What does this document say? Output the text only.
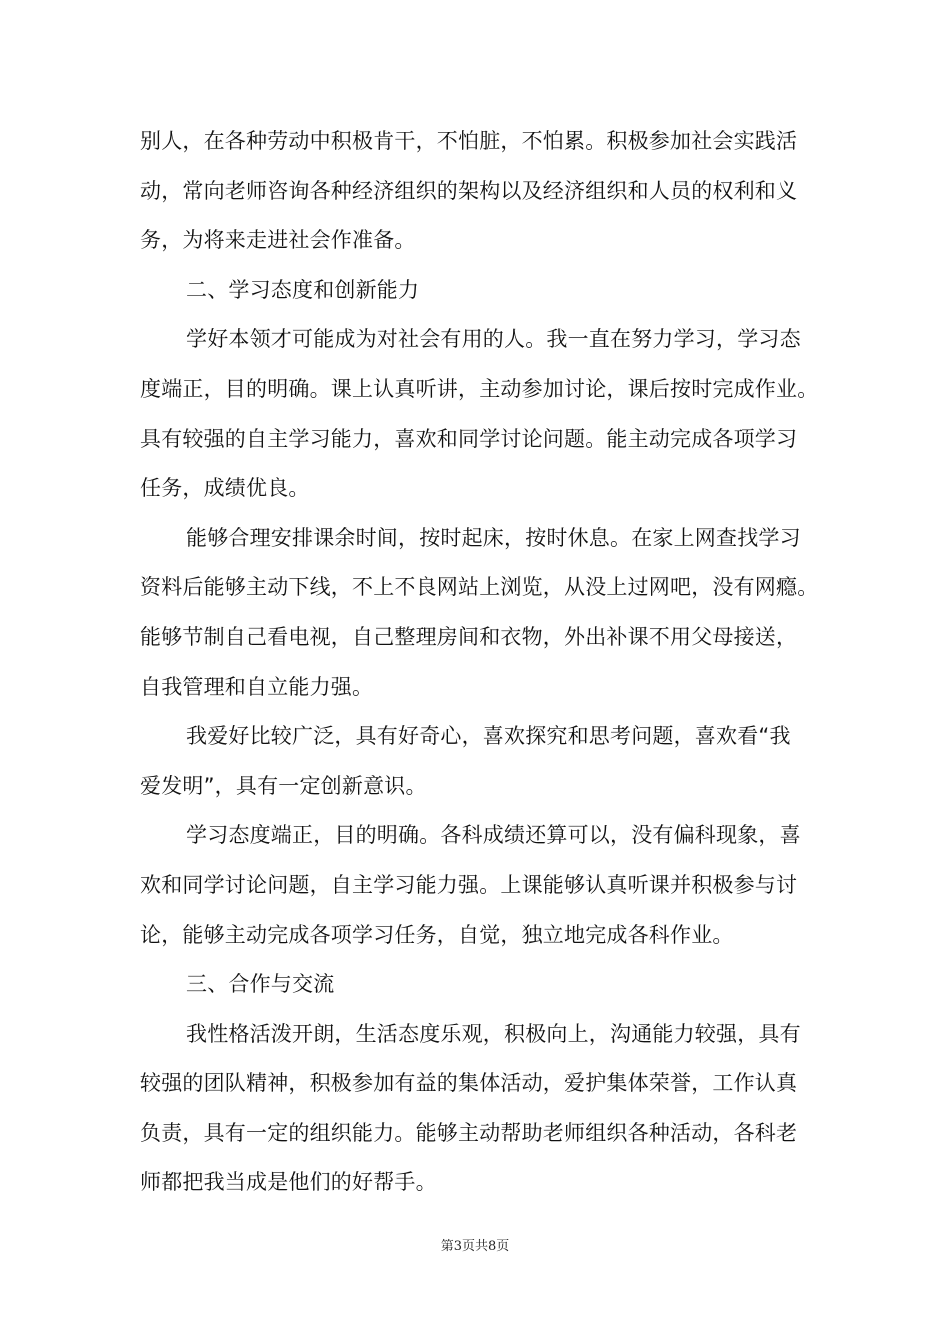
别人，在各种劳动中积极肯干，不怕脏，不怕累。积极参加社会实践活
动，常向老师咨询各种经济组织的架构以及经济组织和人员的权利和义
务，为将来走进社会作准备。

二、学习态度和创新能力

学好本领才可能成为对社会有用的人。我一直在努力学习，学习态
度端正，目的明确。课上认真听讲，主动参加讨论，课后按时完成作业。
具有较强的自主学习能力，喜欢和同学讨论问题。能主动完成各项学习
任务，成绩优良。

能够合理安排课余时间，按时起床，按时休息。在家上网查找学习
资料后能够主动下线，不上不良网站上浏览，从没上过网吧，没有网瘾。
能够节制自己看电视，自己整理房间和衣物，外出补课不用父母接送，
自我管理和自立能力强。

我爱好比较广泛，具有好奇心，喜欢探究和思考问题，喜欢看“我
爱发明”，具有一定创新意识。

学习态度端正，目的明确。各科成绩还算可以，没有偏科现象，喜
欢和同学讨论问题，自主学习能力强。上课能够认真听课并积极参与讨
论，能够主动完成各项学习任务，自觉，独立地完成各科作业。

三、合作与交流

我性格活泼开朗，生活态度乐观，积极向上，沟通能力较强，具有
较强的团队精神，积极参加有益的集体活动，爱护集体荣誉，工作认真
负责，具有一定的组织能力。能够主动帮助老师组织各种活动，各科老
师都把我当成是他们的好帮手。

第3页共8页
